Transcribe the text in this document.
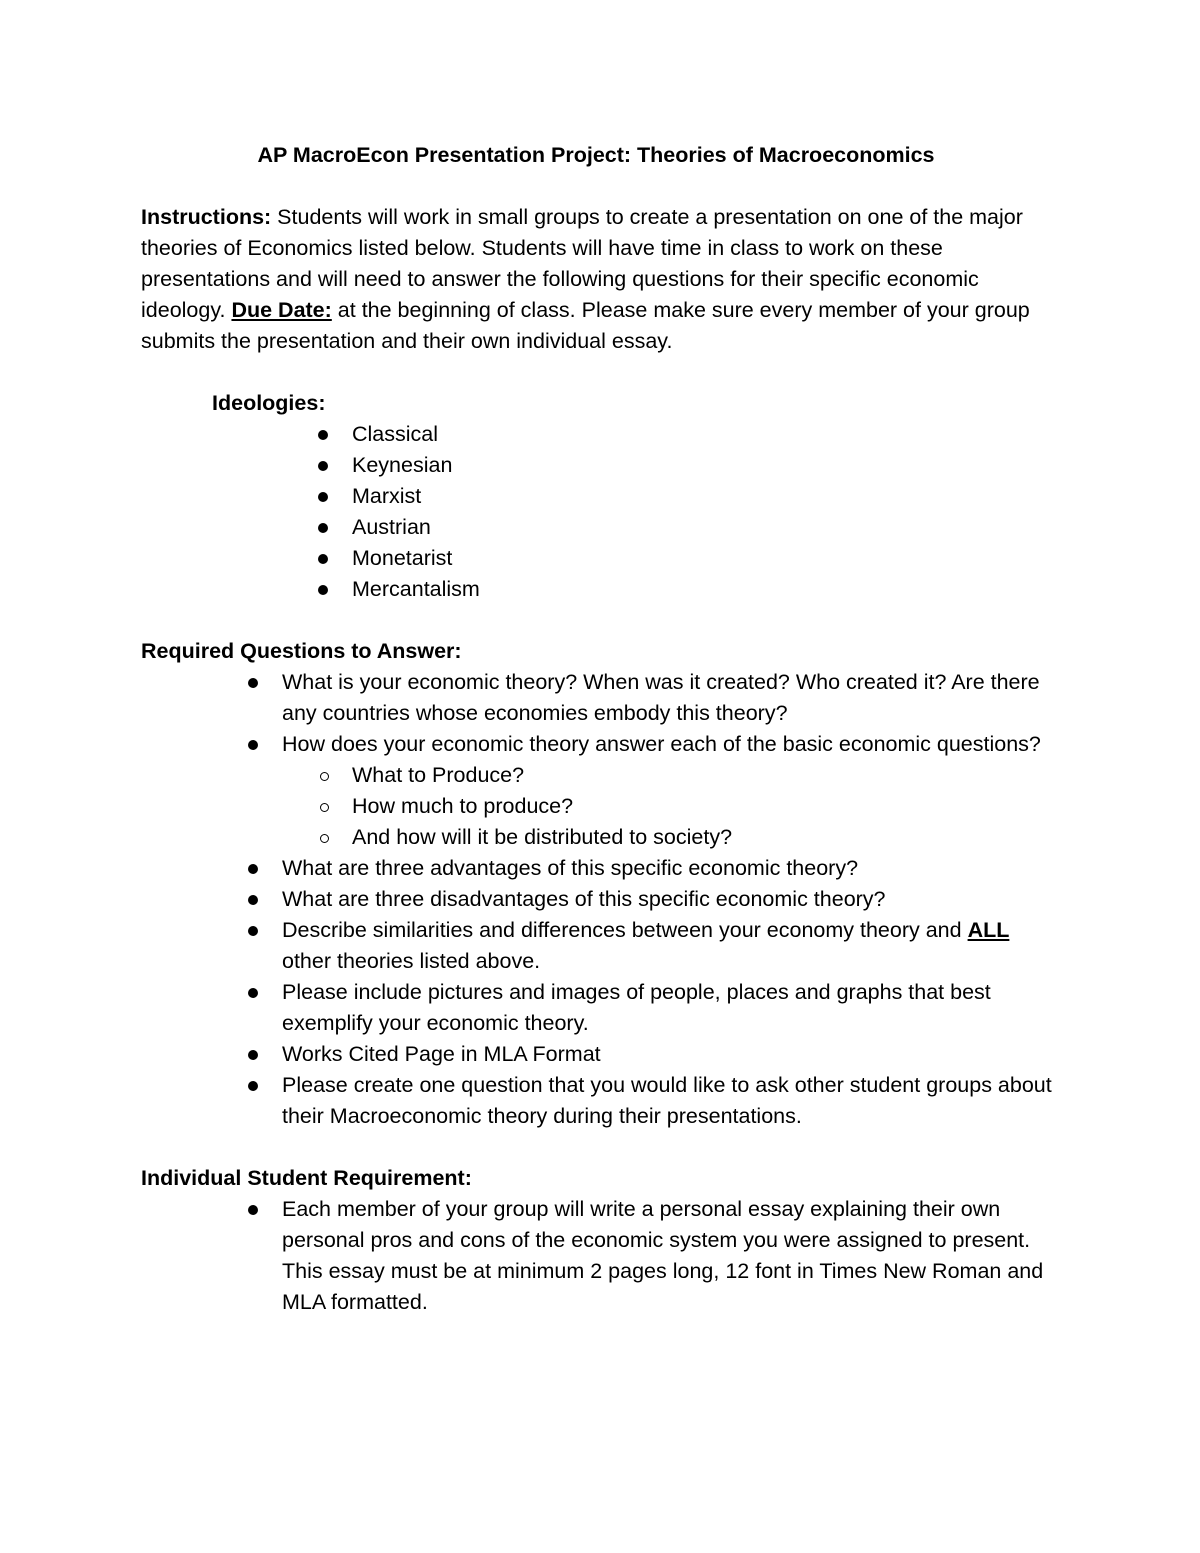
AP MacroEcon Presentation Project: Theories of Macroeconomics

Instructions: Students will work in small groups to create a presentation on one of the major theories of Economics listed below. Students will have time in class to work on these presentations and will need to answer the following questions for their specific economic ideology. Due Date: at the beginning of class. Please make sure every member of your group submits the presentation and their own individual essay.

Ideologies:

Classical
Keynesian
Marxist
Austrian
Monetarist
Mercantalism

Required Questions to Answer:

What is your economic theory? When was it created? Who created it? Are there any countries whose economies embody this theory?
How does your economic theory answer each of the basic economic questions?
What to Produce?
How much to produce?
And how will it be distributed to society?
What are three advantages of this specific economic theory?
What are three disadvantages of this specific economic theory?
Describe similarities and differences between your economy theory and ALL other theories listed above.
Please include pictures and images of people, places and graphs that best exemplify your economic theory.
Works Cited Page in MLA Format
Please create one question that you would like to ask other student groups about their Macroeconomic theory during their presentations.

Individual Student Requirement:

Each member of your group will write a personal essay explaining their own personal pros and cons of the economic system you were assigned to present. This essay must be at minimum 2 pages long, 12 font in Times New Roman and MLA formatted.
